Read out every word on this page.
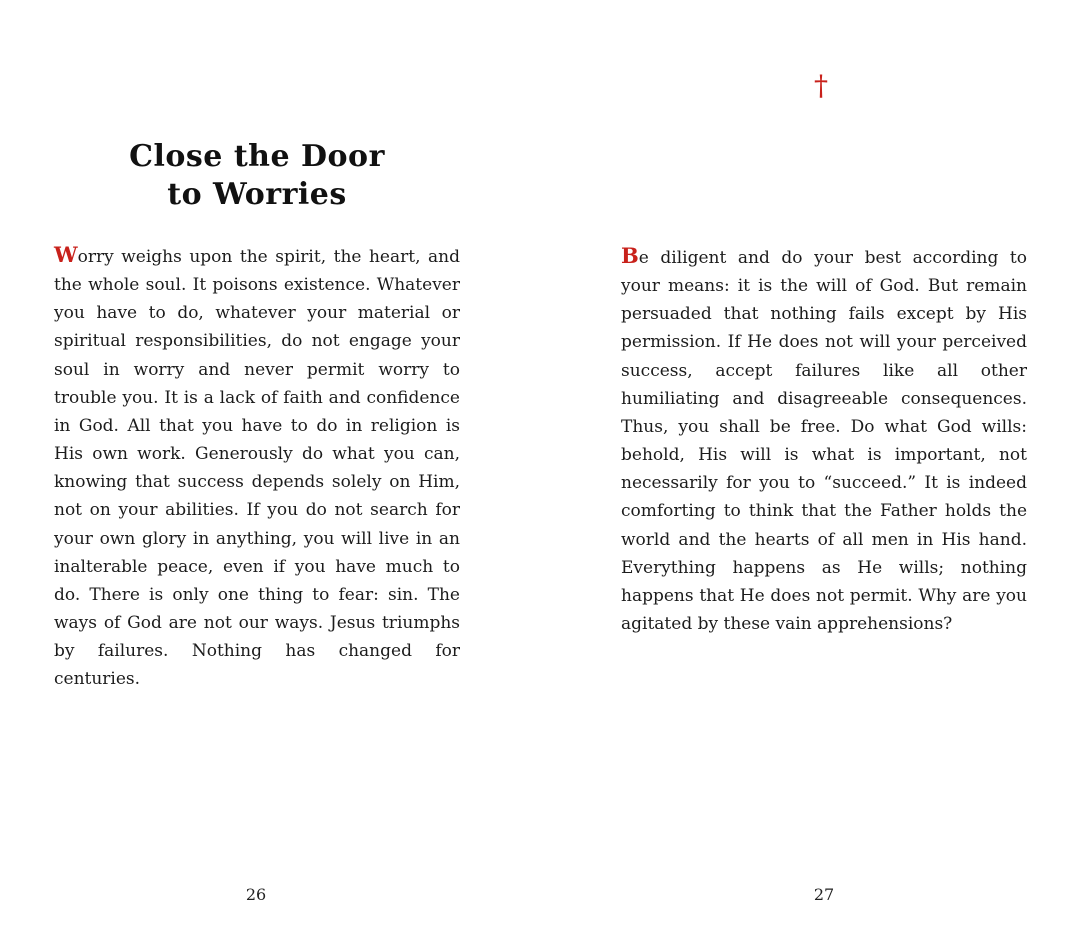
Close the Door
to Worries
Worry weighs upon the spirit, the heart, and the whole soul. It poisons existence. Whatever you have to do, whatever your material or spiritual responsibilities, do not engage your soul in worry and never permit worry to trouble you. It is a lack of faith and confidence in God. All that you have to do in religion is His own work. Generously do what you can, knowing that success depends solely on Him, not on your abilities. If you do not search for your own glory in anything, you will live in an inalterable peace, even if you have much to do. There is only one thing to fear: sin. The ways of God are not our ways. Jesus triumphs by failures. Nothing has changed for centuries.
26
†
Be diligent and do your best according to your means: it is the will of God. But remain persuaded that nothing fails except by His permission. If He does not will your perceived success, accept failures like all other humiliating and disagreeable consequences. Thus, you shall be free. Do what God wills: behold, His will is what is important, not necessarily for you to “succeed.” It is indeed comforting to think that the Father holds the world and the hearts of all men in His hand. Everything happens as He wills; nothing happens that He does not permit. Why are you agitated by these vain apprehensions?
27
